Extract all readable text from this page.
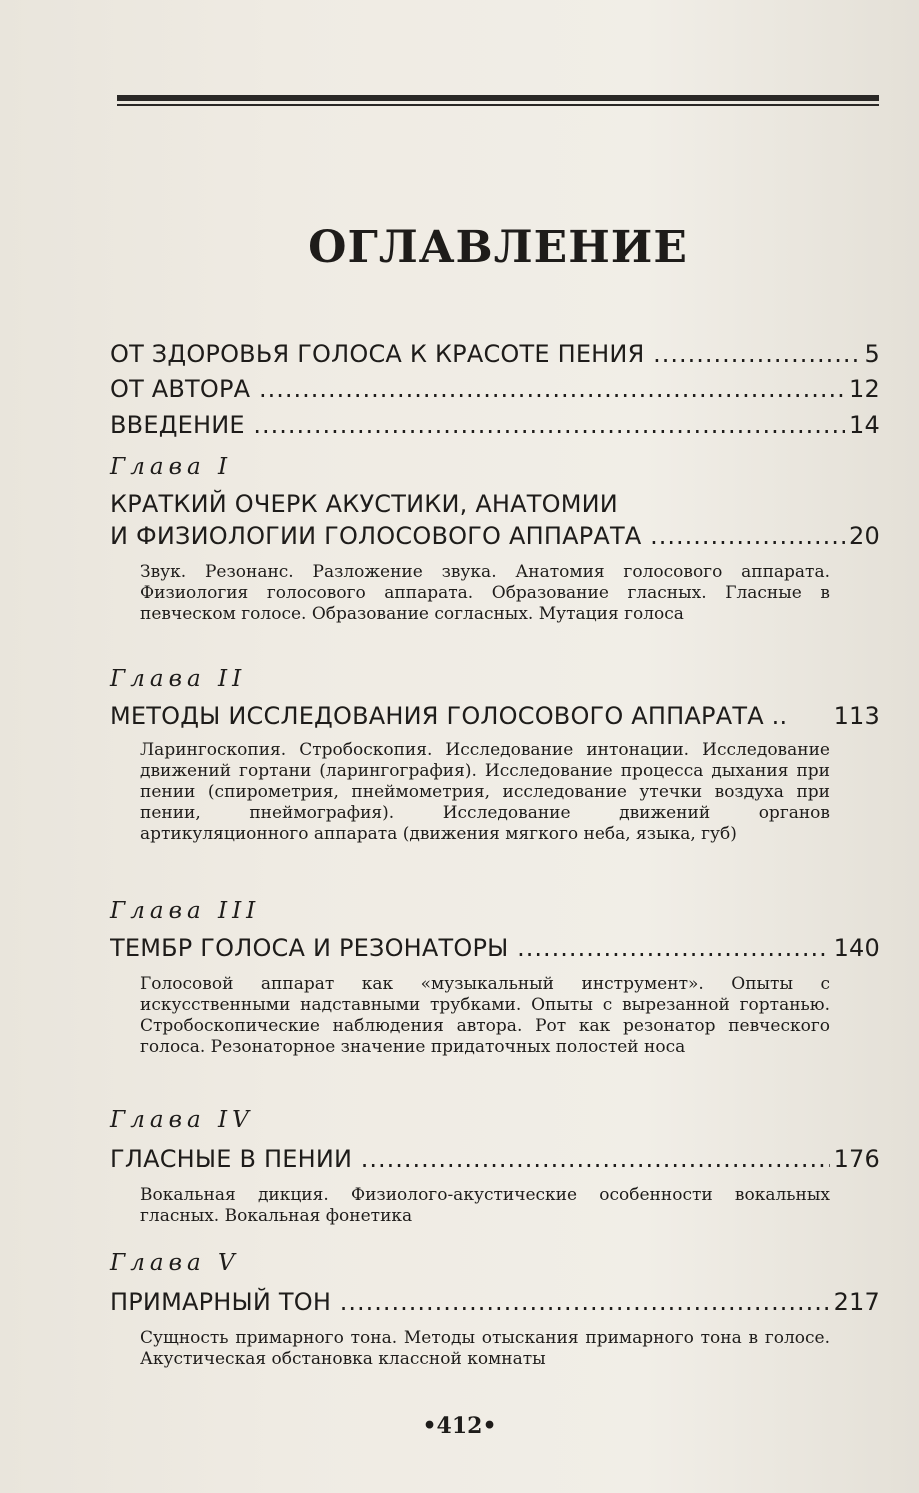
ОГЛАВЛЕНИЕ
ОТ ЗДОРОВЬЯ ГОЛОСА К КРАСОТЕ ПЕНИЯ .....	5
ОТ АВТОРА .....	12
ВВЕДЕНИЕ .....	14
Глава I
КРАТКИЙ ОЧЕРК АКУСТИКИ, АНАТОМИИ
И ФИЗИОЛОГИИ ГОЛОСОВОГО АППАРАТА .....	20
Звук. Резонанс. Разложение звука. Анатомия голосового аппарата. Физиология голосового аппарата. Образование гласных. Гласные в певческом голосе. Образование согласных. Мутация голоса
Глава II
МЕТОДЫ ИССЛЕДОВАНИЯ ГОЛОСОВОГО АППАРАТА ..	113
Ларингоскопия. Стробоскопия. Исследование интонации. Исследование движений гортани (ларингография). Исследование процесса дыхания при пении (спирометрия, пнеймометрия, исследование утечки воздуха при пении, пнеймография). Исследование движений органов артикуляционного аппарата (движения мягкого неба, языка, губ)
Глава III
ТЕМБР ГОЛОСА И РЕЗОНАТОРЫ .....	140
Голосовой аппарат как «музыкальный инструмент». Опыты с искусственными надставными трубками. Опыты с вырезанной гортанью. Стробоскопические наблюдения автора. Рот как резонатор певческого голоса. Резонаторное значение придаточных полостей носа
Глава IV
ГЛАСНЫЕ В ПЕНИИ .....	176
Вокальная дикция. Физиолого-акустические особенности вокальных гласных. Вокальная фонетика
Глава V
ПРИМАРНЫЙ ТОН .....	217
Сущность примарного тона. Методы отыскания примарного тона в голосе. Акустическая обстановка классной комнаты
•412•
